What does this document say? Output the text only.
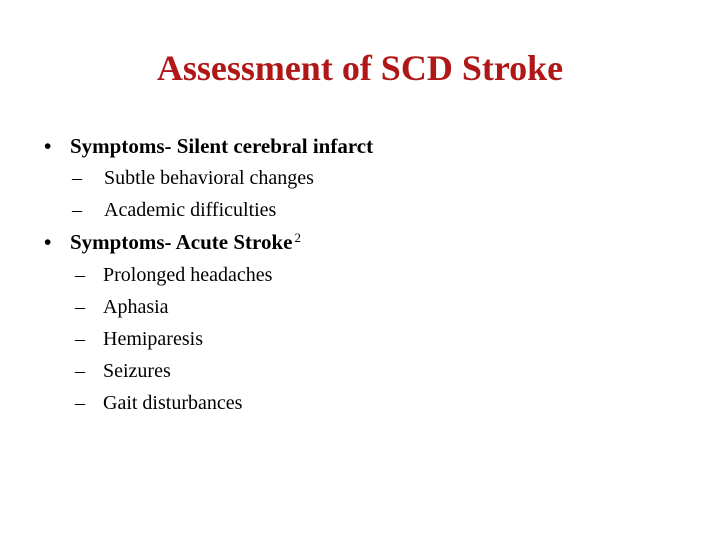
Assessment of SCD Stroke
• Symptoms- Silent cerebral infarct
– Subtle behavioral changes
– Academic difficulties
• Symptoms- Acute Stroke $^2$
– Prolonged headaches
– Aphasia
– Hemiparesis
– Seizures
– Gait disturbances
